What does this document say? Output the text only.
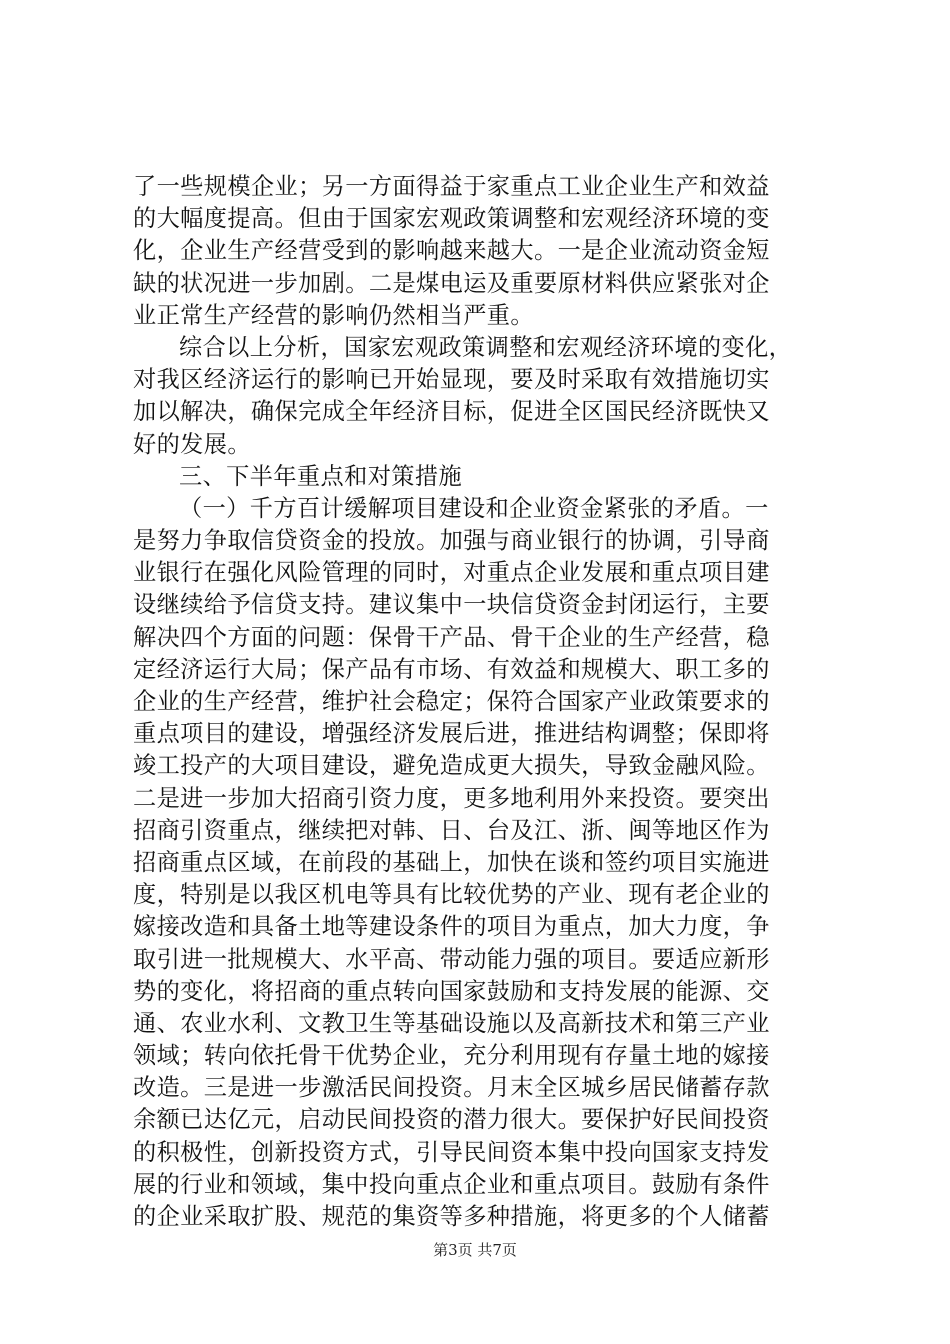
了一些规模企业；另一方面得益于家重点工业企业生产和效益
的大幅度提高。但由于国家宏观政策调整和宏观经济环境的变
化，企业生产经营受到的影响越来越大。一是企业流动资金短
缺的状况进一步加剧。二是煤电运及重要原材料供应紧张对企
业正常生产经营的影响仍然相当严重。
综合以上分析，国家宏观政策调整和宏观经济环境的变化，
对我区经济运行的影响已开始显现，要及时采取有效措施切实
加以解决，确保完成全年经济目标，促进全区国民经济既快又
好的发展。
三、下半年重点和对策措施
（一）千方百计缓解项目建设和企业资金紧张的矛盾。一
是努力争取信贷资金的投放。加强与商业银行的协调，引导商
业银行在强化风险管理的同时，对重点企业发展和重点项目建
设继续给予信贷支持。建议集中一块信贷资金封闭运行，主要
解决四个方面的问题：保骨干产品、骨干企业的生产经营，稳
定经济运行大局；保产品有市场、有效益和规模大、职工多的
企业的生产经营，维护社会稳定；保符合国家产业政策要求的
重点项目的建设，增强经济发展后进，推进结构调整；保即将
竣工投产的大项目建设，避免造成更大损失，导致金融风险。
二是进一步加大招商引资力度，更多地利用外来投资。要突出
招商引资重点，继续把对韩、日、台及江、浙、闽等地区作为
招商重点区域，在前段的基础上，加快在谈和签约项目实施进
度，特别是以我区机电等具有比较优势的产业、现有老企业的
嫁接改造和具备土地等建设条件的项目为重点，加大力度，争
取引进一批规模大、水平高、带动能力强的项目。要适应新形
势的变化，将招商的重点转向国家鼓励和支持发展的能源、交
通、农业水利、文教卫生等基础设施以及高新技术和第三产业
领域；转向依托骨干优势企业，充分利用现有存量土地的嫁接
改造。三是进一步激活民间投资。月末全区城乡居民储蓄存款
余额已达亿元，启动民间投资的潜力很大。要保护好民间投资
的积极性，创新投资方式，引导民间资本集中投向国家支持发
展的行业和领域，集中投向重点企业和重点项目。鼓励有条件
的企业采取扩股、规范的集资等多种措施，将更多的个人储蓄
第3页 共7页
